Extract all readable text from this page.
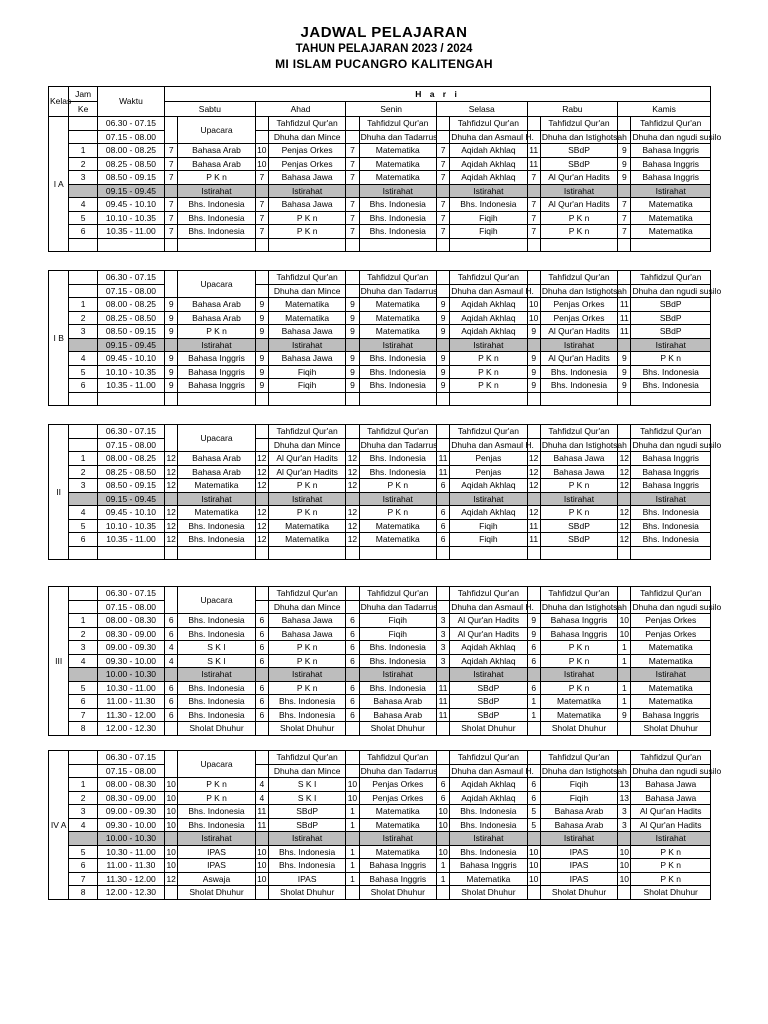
JADWAL PELAJARAN
TAHUN PELAJARAN 2023 / 2024
MI ISLAM PUCANGRO KALITENGAH
Kelas	Jam	Waktu	H a r i											
	Ke		Sabtu		Ahad		Senin		Selasa		Rabu		Kamis	
I A		06.30 - 07.15		Upacara		Tahfidzul Qur'an		Tahfidzul Qur'an		Tahfidzul Qur'an		Tahfidzul Qur'an		Tahfidzul Qur'an
		07.15 - 08.00				Dhuha dan Mince		Dhuha dan Tadarrus		Dhuha dan Asmaul H.		Dhuha dan Istighotsah		Dhuha dan ngudi susilo
	1	08.00 - 08.25	7	Bahasa Arab	10	Penjas Orkes	7	Matematika	7	Aqidah Akhlaq	11	SBdP	9	Bahasa Inggris
	2	08.25 - 08.50	7	Bahasa Arab	10	Penjas Orkes	7	Matematika	7	Aqidah Akhlaq	11	SBdP	9	Bahasa Inggris
	3	08.50 - 09.15	7	P K n	7	Bahasa Jawa	7	Matematika	7	Aqidah Akhlaq	7	Al Qur'an Hadits	9	Bahasa Inggris
		09.15 - 09.45		Istirahat		Istirahat		Istirahat		Istirahat		Istirahat		Istirahat
	4	09.45 - 10.10	7	Bhs. Indonesia	7	Bahasa Jawa	7	Bhs. Indonesia	7	Bhs. Indonesia	7	Al Qur'an Hadits	7	Matematika
	5	10.10 - 10.35	7	Bhs. Indonesia	7	P K n	7	Bhs. Indonesia	7	Fiqih	7	P K n	7	Matematika
	6	10.35 - 11.00	7	Bhs. Indonesia	7	P K n	7	Bhs. Indonesia	7	Fiqih	7	P K n	7	Matematika

I B		06.30 - 07.15		Upacara		Tahfidzul Qur'an		Tahfidzul Qur'an		Tahfidzul Qur'an		Tahfidzul Qur'an		Tahfidzul Qur'an
		07.15 - 08.00				Dhuha dan Mince		Dhuha dan Tadarrus		Dhuha dan Asmaul H.		Dhuha dan Istighotsah		Dhuha dan ngudi susilo
	1	08.00 - 08.25	9	Bahasa Arab	9	Matematika	9	Matematika	9	Aqidah Akhlaq	10	Penjas Orkes	11	SBdP
	2	08.25 - 08.50	9	Bahasa Arab	9	Matematika	9	Matematika	9	Aqidah Akhlaq	10	Penjas Orkes	11	SBdP
	3	08.50 - 09.15	9	P K n	9	Bahasa Jawa	9	Matematika	9	Aqidah Akhlaq	9	Al Qur'an Hadits	11	SBdP
		09.15 - 09.45		Istirahat		Istirahat		Istirahat		Istirahat		Istirahat		Istirahat
	4	09.45 - 10.10	9	Bahasa Inggris	9	Bahasa Jawa	9	Bhs. Indonesia	9	P K n	9	Al Qur'an Hadits	9	P K n
	5	10.10 - 10.35	9	Bahasa Inggris	9	Fiqih	9	Bhs. Indonesia	9	P K n	9	Bhs. Indonesia	9	Bhs. Indonesia
	6	10.35 - 11.00	9	Bahasa Inggris	9	Fiqih	9	Bhs. Indonesia	9	P K n	9	Bhs. Indonesia	9	Bhs. Indonesia

II		06.30 - 07.15		Upacara		Tahfidzul Qur'an		Tahfidzul Qur'an		Tahfidzul Qur'an		Tahfidzul Qur'an		Tahfidzul Qur'an
		07.15 - 08.00				Dhuha dan Mince		Dhuha dan Tadarrus		Dhuha dan Asmaul H.		Dhuha dan Istighotsah		Dhuha dan ngudi susilo
	1	08.00 - 08.25	12	Bahasa Arab	12	Al Qur'an Hadits	12	Bhs. Indonesia	11	Penjas	12	Bahasa Jawa	12	Bahasa Inggris
	2	08.25 - 08.50	12	Bahasa Arab	12	Al Qur'an Hadits	12	Bhs. Indonesia	11	Penjas	12	Bahasa Jawa	12	Bahasa Inggris
	3	08.50 - 09.15	12	Matematika	12	P K n	12	P K n	6	Aqidah Akhlaq	12	P K n	12	Bahasa Inggris
		09.15 - 09.45		Istirahat		Istirahat		Istirahat		Istirahat		Istirahat		Istirahat
	4	09.45 - 10.10	12	Matematika	12	P K n	12	P K n	6	Aqidah Akhlaq	12	P K n	12	Bhs. Indonesia
	5	10.10 - 10.35	12	Bhs. Indonesia	12	Matematika	12	Matematika	6	Fiqih	11	SBdP	12	Bhs. Indonesia
	6	10.35 - 11.00	12	Bhs. Indonesia	12	Matematika	12	Matematika	6	Fiqih	11	SBdP	12	Bhs. Indonesia

III		06.30 - 07.15		Upacara		Tahfidzul Qur'an		Tahfidzul Qur'an		Tahfidzul Qur'an		Tahfidzul Qur'an		Tahfidzul Qur'an
		07.15 - 08.00				Dhuha dan Mince		Dhuha dan Tadarrus		Dhuha dan Asmaul H.		Dhuha dan Istighotsah		Dhuha dan ngudi susilo
	1	08.00 - 08.30	6	Bhs. Indonesia	6	Bahasa Jawa	6	Fiqih	3	Al Qur'an Hadits	9	Bahasa Inggris	10	Penjas Orkes
	2	08.30 - 09.00	6	Bhs. Indonesia	6	Bahasa Jawa	6	Fiqih	3	Al Qur'an Hadits	9	Bahasa Inggris	10	Penjas Orkes
	3	09.00 - 09.30	4	S K I	6	P K n	6	Bhs. Indonesia	3	Aqidah Akhlaq	6	P K n	1	Matematika
	4	09.30 - 10.00	4	S K I	6	P K n	6	Bhs. Indonesia	3	Aqidah Akhlaq	6	P K n	1	Matematika
		10.00 - 10.30		Istirahat		Istirahat		Istirahat		Istirahat		Istirahat		Istirahat
	5	10.30 - 11.00	6	Bhs. Indonesia	6	P K n	6	Bhs. Indonesia	11	SBdP	6	P K n	1	Matematika
	6	11.00 - 11.30	6	Bhs. Indonesia	6	Bhs. Indonesia	6	Bahasa Arab	11	SBdP	1	Matematika	1	Matematika
	7	11.30 - 12.00	6	Bhs. Indonesia	6	Bhs. Indonesia	6	Bahasa Arab	11	SBdP	1	Matematika	9	Bahasa Inggris
	8	12.00 - 12.30		Sholat Dhuhur		Sholat Dhuhur		Sholat Dhuhur		Sholat Dhuhur		Sholat Dhuhur		Sholat Dhuhur
IV A		06.30 - 07.15		Upacara		Tahfidzul Qur'an		Tahfidzul Qur'an		Tahfidzul Qur'an		Tahfidzul Qur'an		Tahfidzul Qur'an
		07.15 - 08.00				Dhuha dan Mince		Dhuha dan Tadarrus		Dhuha dan Asmaul H.		Dhuha dan Istighotsah		Dhuha dan ngudi susilo
	1	08.00 - 08.30	10	P K n	4	S K I	10	Penjas Orkes	6	Aqidah Akhlaq	6	Fiqih	13	Bahasa Jawa
	2	08.30 - 09.00	10	P K n	4	S K I	10	Penjas Orkes	6	Aqidah Akhlaq	6	Fiqih	13	Bahasa Jawa
	3	09.00 - 09.30	10	Bhs. Indonesia	11	SBdP	1	Matematika	10	Bhs. Indonesia	5	Bahasa Arab	3	Al Qur'an Hadits
	4	09.30 - 10.00	10	Bhs. Indonesia	11	SBdP	1	Matematika	10	Bhs. Indonesia	5	Bahasa Arab	3	Al Qur'an Hadits
		10.00 - 10.30		Istirahat		Istirahat		Istirahat		Istirahat		Istirahat		Istirahat
	5	10.30 - 11.00	10	IPAS	10	Bhs. Indonesia	1	Matematika	10	Bhs. Indonesia	10	IPAS	10	P K n
	6	11.00 - 11.30	10	IPAS	10	Bhs. Indonesia	1	Bahasa Inggris	1	Bahasa Inggris	10	IPAS	10	P K n
	7	11.30 - 12.00	12	Aswaja	10	IPAS	1	Bahasa Inggris	1	Matematika	10	IPAS	10	P K n
	8	12.00 - 12.30		Sholat Dhuhur		Sholat Dhuhur		Sholat Dhuhur		Sholat Dhuhur		Sholat Dhuhur		Sholat Dhuhur
